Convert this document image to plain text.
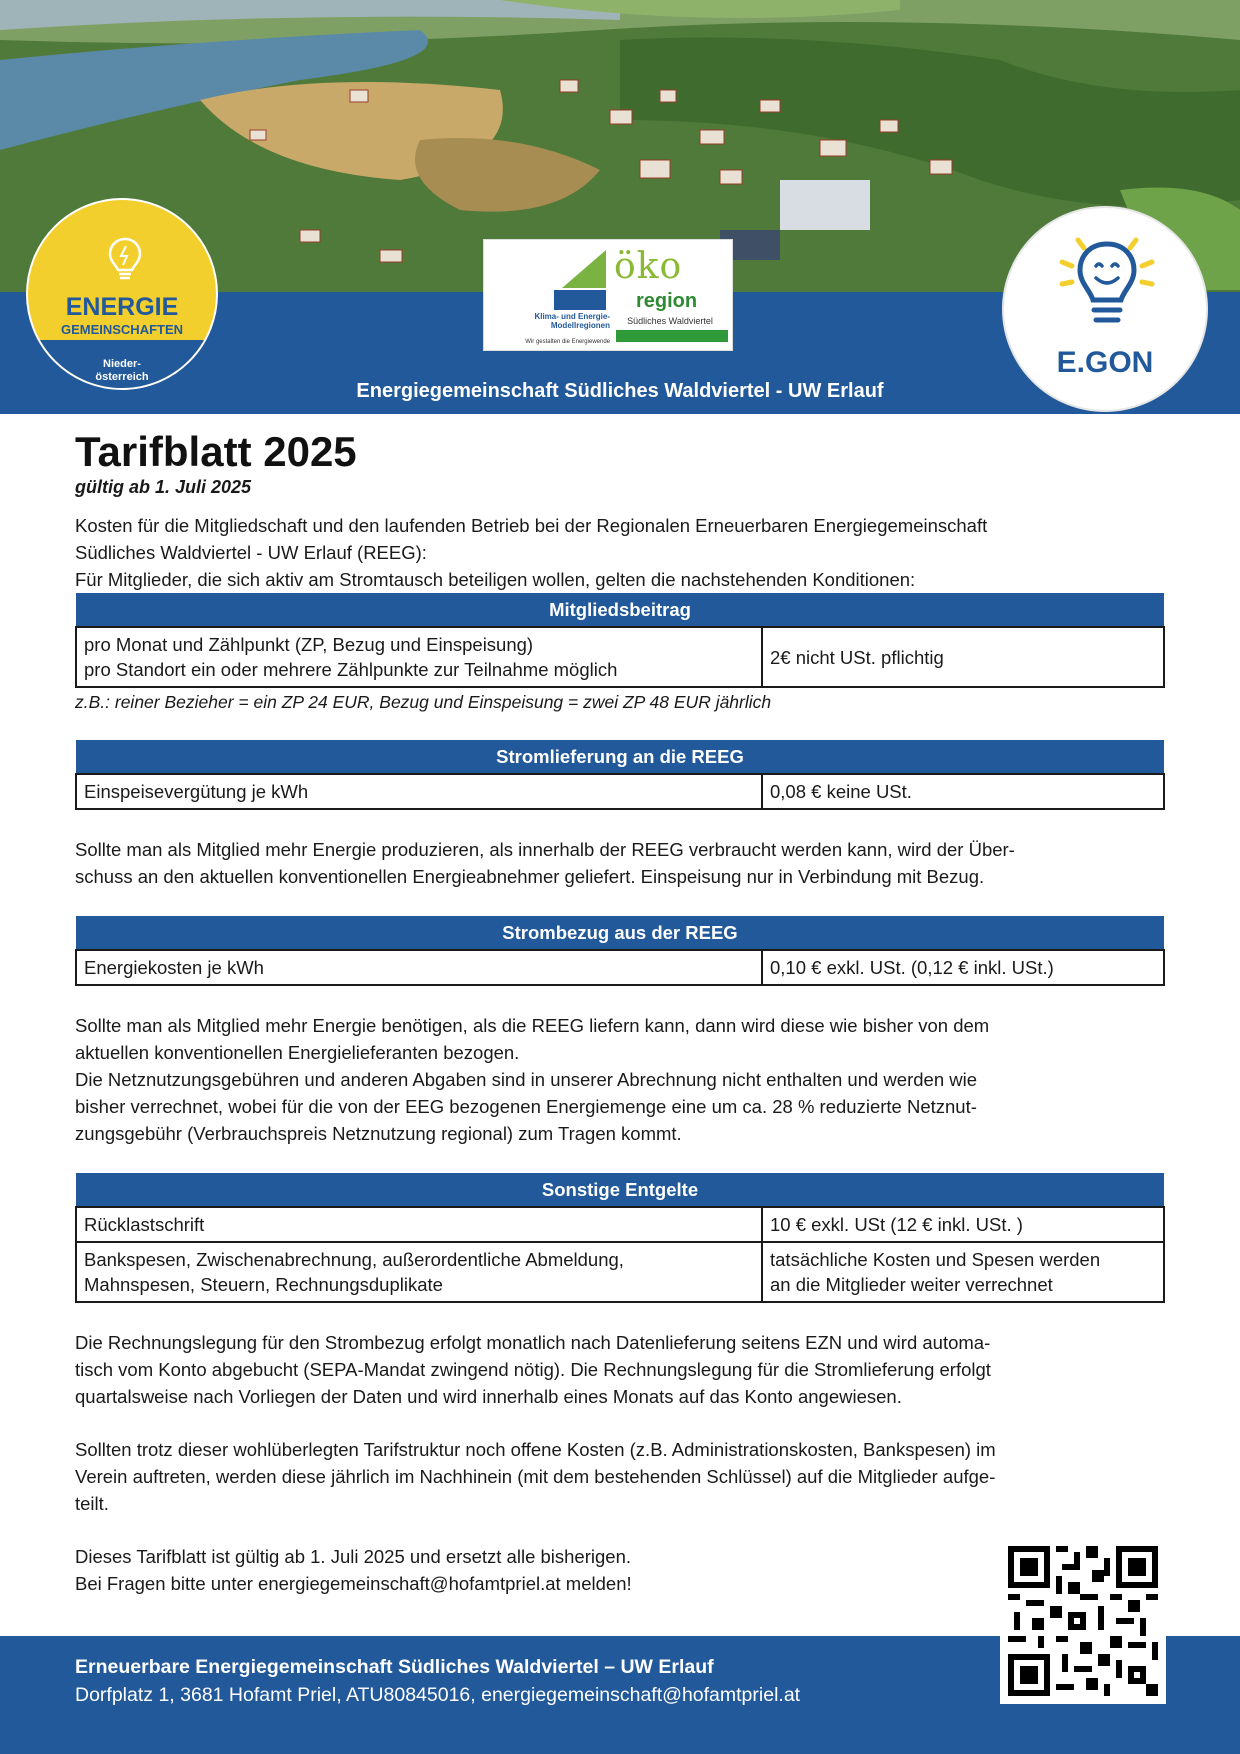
Energiegemeinschaft Südliches Waldviertel - UW Erlauf
ENERGIE
GEMEINSCHAFTEN
Nieder-
österreich
Klima- und Energie-
Modellregionen
Wir gestalten die Energiewende
öko
region
Südliches Waldviertel
E.GON
Tarifblatt 2025
gültig ab 1. Juli 2025
Kosten für die Mitgliedschaft und den laufenden Betrieb bei der Regionalen Erneuerbaren Energiegemeinschaft
Südliches Waldviertel - UW Erlauf (REEG):
Für Mitglieder, die sich aktiv am Stromtausch beteiligen wollen, gelten die nachstehenden Konditionen:
Mitgliedsbeitrag
pro Monat und Zählpunkt (ZP, Bezug und Einspeisung)
pro Standort ein oder mehrere Zählpunkte zur Teilnahme möglich	2€ nicht USt. pflichtig
z.B.: reiner Bezieher = ein ZP 24 EUR, Bezug und Einspeisung = zwei ZP 48 EUR jährlich
Stromlieferung an die REEG
Einspeisevergütung je kWh	0,08 € keine USt.
Sollte man als Mitglied mehr Energie produzieren, als innerhalb der REEG verbraucht werden kann, wird der Über-
schuss an den aktuellen konventionellen Energieabnehmer geliefert. Einspeisung nur in Verbindung mit Bezug.
Strombezug aus der REEG
Energiekosten je kWh	0,10 € exkl. USt. (0,12 € inkl. USt.)
Sollte man als Mitglied mehr Energie benötigen, als die REEG liefern kann, dann wird diese wie bisher von dem
aktuellen konventionellen Energielieferanten bezogen.
Die Netznutzungsgebühren und anderen Abgaben sind in unserer Abrechnung nicht enthalten und werden wie
bisher verrechnet, wobei für die von der EEG bezogenen Energiemenge eine um ca. 28 % reduzierte Netznut-
zungsgebühr (Verbrauchspreis Netznutzung regional) zum Tragen kommt.
Sonstige Entgelte	
Rücklastschrift	10 € exkl. USt (12 € inkl. USt. )
Bankspesen, Zwischenabrechnung, außerordentliche Abmeldung,
Mahnspesen, Steuern, Rechnungsduplikate	tatsächliche Kosten und Spesen werden
an die Mitglieder weiter verrechnet
Die Rechnungslegung für den Strombezug erfolgt monatlich nach Datenlieferung seitens EZN und wird automa-
tisch vom Konto abgebucht (SEPA-Mandat zwingend nötig). Die Rechnungslegung für die Stromlieferung erfolgt
quartalsweise nach Vorliegen der Daten und wird innerhalb eines Monats auf das Konto angewiesen.
Sollten trotz dieser wohlüberlegten Tarifstruktur noch offene Kosten (z.B. Administrationskosten, Bankspesen) im
Verein auftreten, werden diese jährlich im Nachhinein (mit dem bestehenden Schlüssel) auf die Mitglieder aufge-
teilt.
Dieses Tarifblatt ist gültig ab 1. Juli 2025 und ersetzt alle bisherigen.
Bei Fragen bitte unter energiegemeinschaft@hofamtpriel.at melden!
Erneuerbare Energiegemeinschaft Südliches Waldviertel – UW Erlauf
Dorfplatz 1, 3681 Hofamt Priel, ATU80845016, energiegemeinschaft@hofamtpriel.at
